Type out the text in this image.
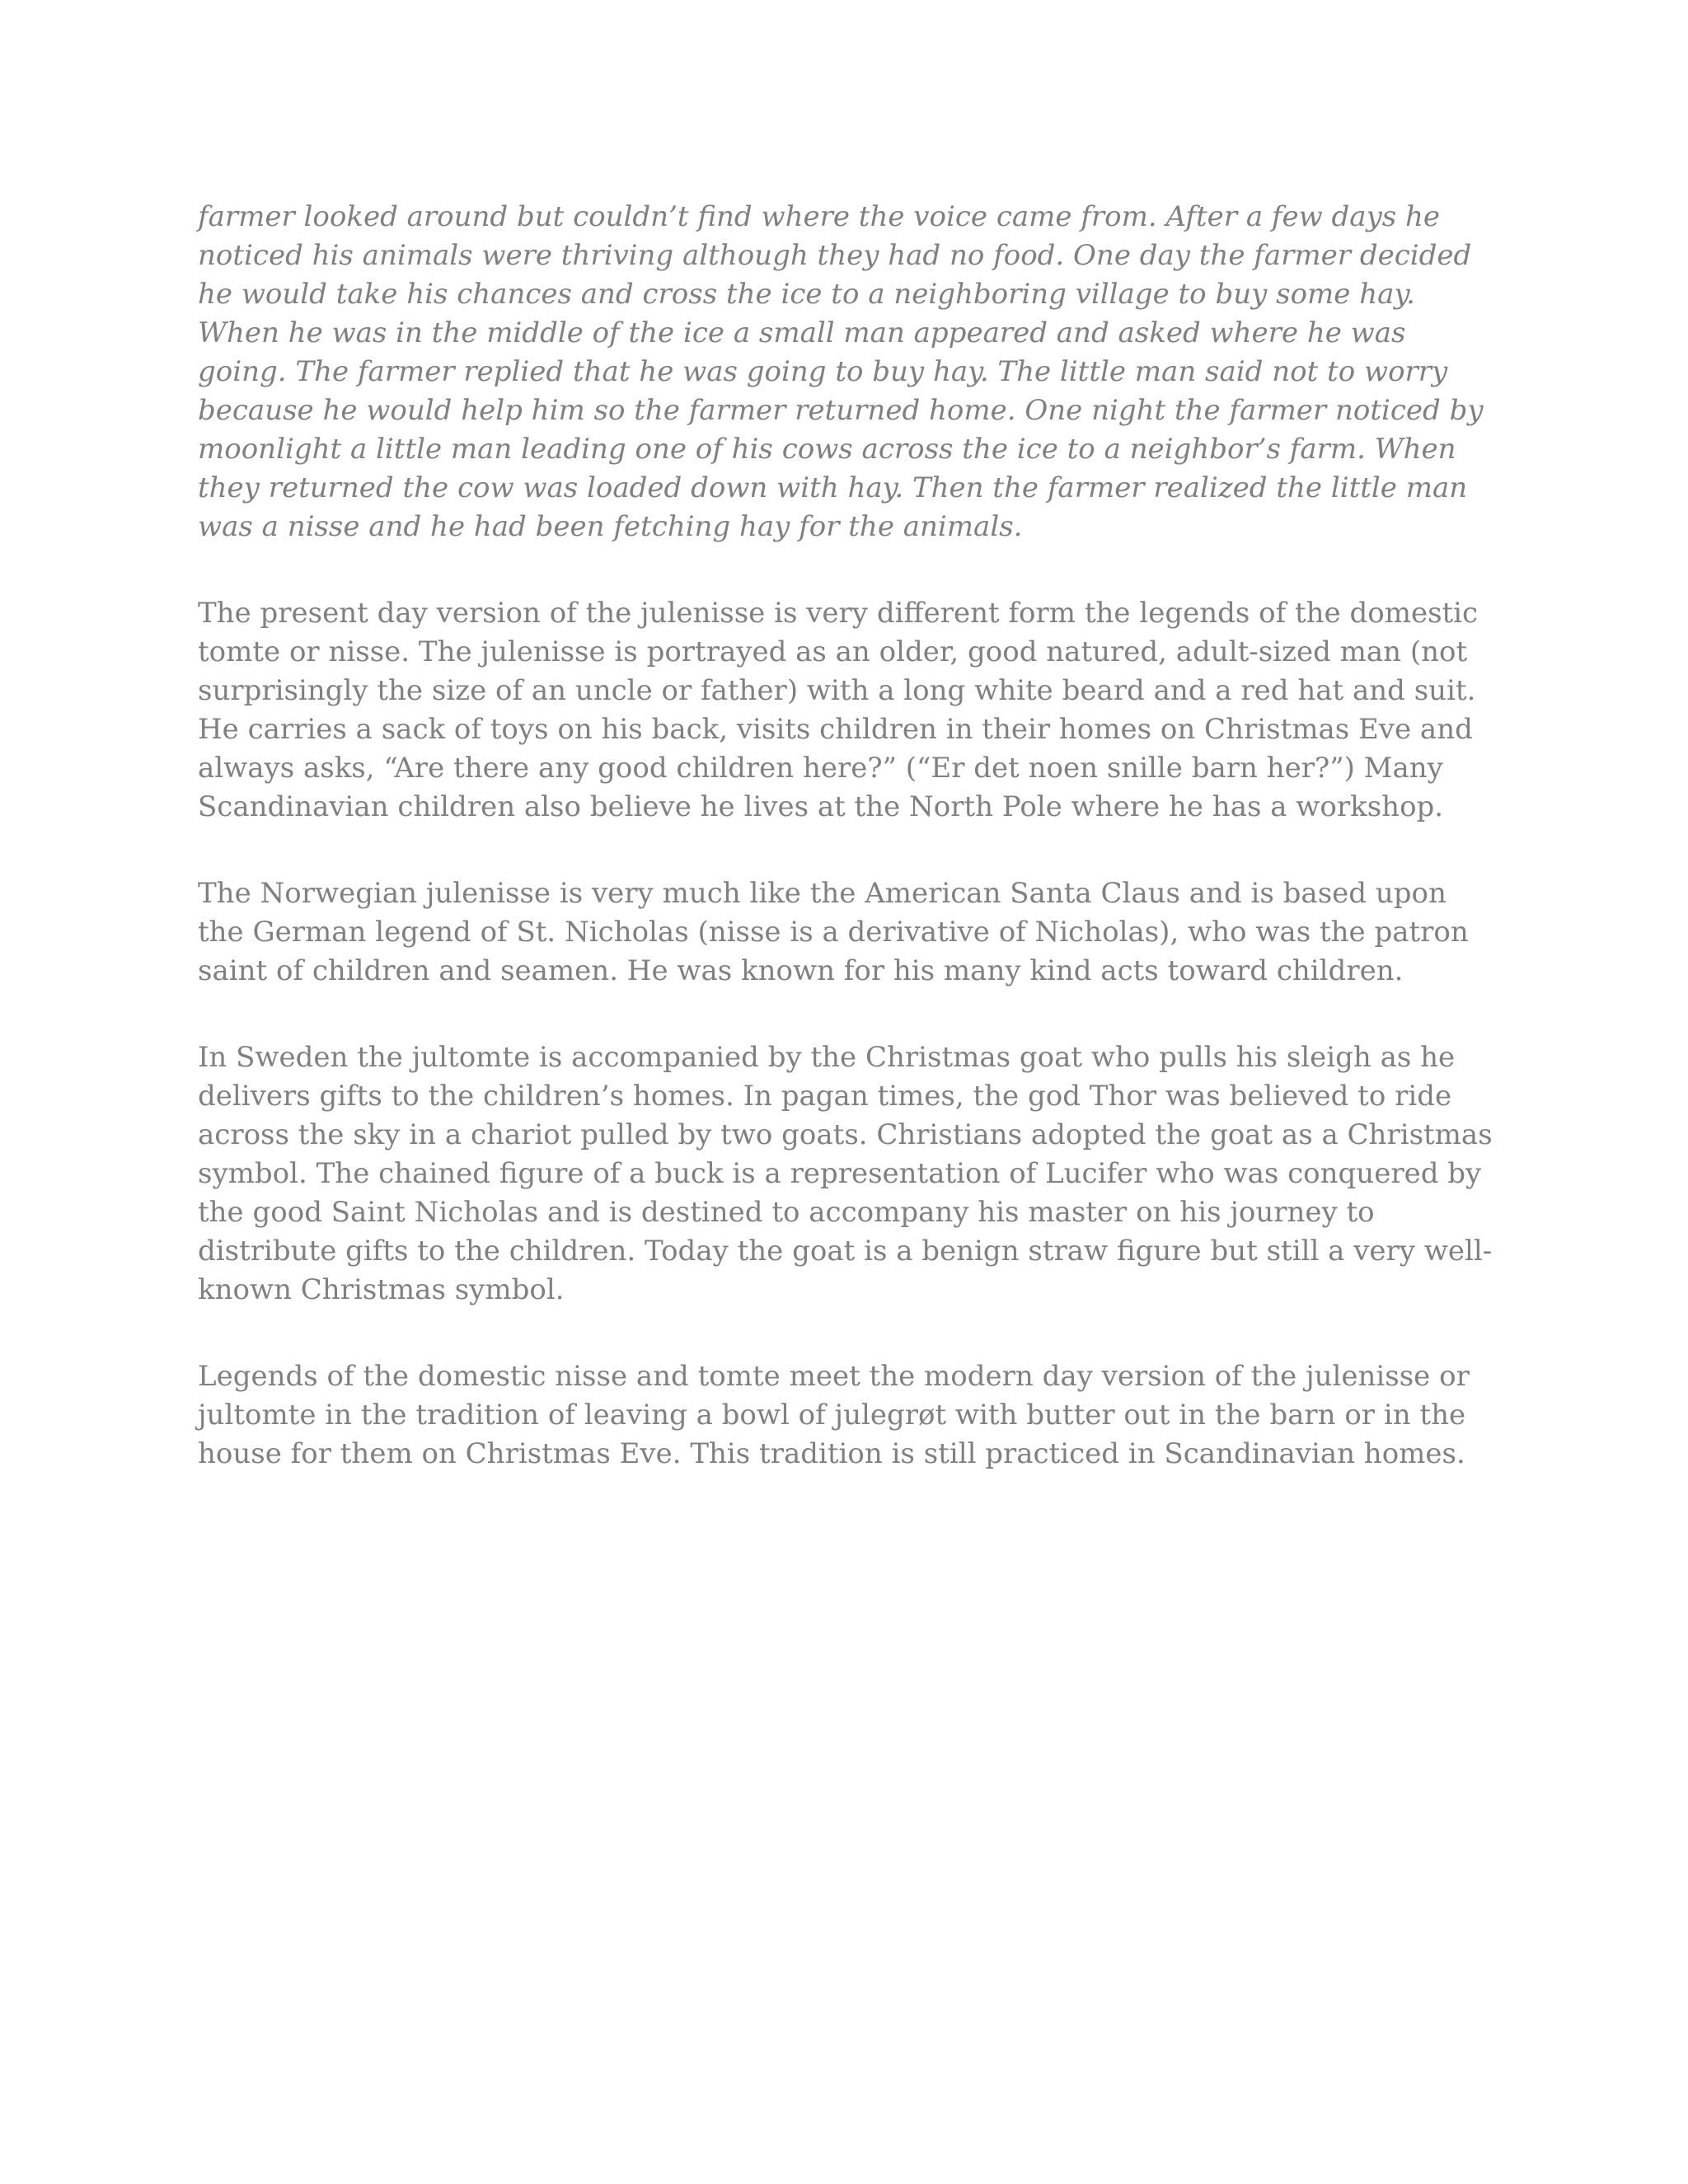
farmer looked around but couldn’t find where the voice came from. After a few days he noticed his animals were thriving although they had no food. One day the farmer decided he would take his chances and cross the ice to a neighboring village to buy some hay. When he was in the middle of the ice a small man appeared and asked where he was going. The farmer replied that he was going to buy hay. The little man said not to worry because he would help him so the farmer returned home. One night the farmer noticed by moonlight a little man leading one of his cows across the ice to a neighbor’s farm. When they returned the cow was loaded down with hay. Then the farmer realized the little man was a nisse and he had been fetching hay for the animals.

The present day version of the julenisse is very different form the legends of the domestic tomte or nisse. The julenisse is portrayed as an older, good natured, adult-sized man (not surprisingly the size of an uncle or father) with a long white beard and a red hat and suit. He carries a sack of toys on his back, visits children in their homes on Christmas Eve and always asks, “Are there any good children here?” (“Er det noen snille barn her?”) Many Scandinavian children also believe he lives at the North Pole where he has a workshop.

The Norwegian julenisse is very much like the American Santa Claus and is based upon the German legend of St. Nicholas (nisse is a derivative of Nicholas), who was the patron saint of children and seamen. He was known for his many kind acts toward children.

In Sweden the jultomte is accompanied by the Christmas goat who pulls his sleigh as he delivers gifts to the children’s homes. In pagan times, the god Thor was believed to ride across the sky in a chariot pulled by two goats. Christians adopted the goat as a Christmas symbol. The chained figure of a buck is a representation of Lucifer who was conquered by the good Saint Nicholas and is destined to accompany his master on his journey to distribute gifts to the children. Today the goat is a benign straw figure but still a very well-known Christmas symbol.

Legends of the domestic nisse and tomte meet the modern day version of the julenisse or jultomte in the tradition of leaving a bowl of julegrøt with butter out in the barn or in the house for them on Christmas Eve. This tradition is still practiced in Scandinavian homes.
